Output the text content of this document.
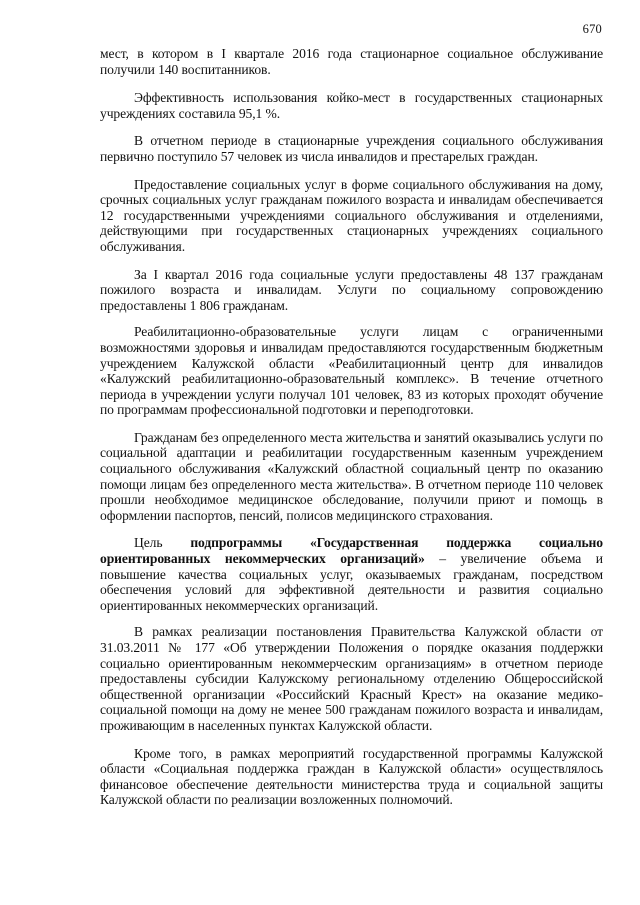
670

мест, в котором в I квартале 2016 года стационарное социальное обслуживание получили 140 воспитанников.

Эффективность использования койко-мест в государственных стационарных учреждениях составила 95,1 %.

В отчетном периоде в стационарные учреждения социального обслуживания первично поступило 57 человек из числа инвалидов и престарелых граждан.

Предоставление социальных услуг в форме социального обслуживания на дому, срочных социальных услуг гражданам пожилого возраста и инвалидам обеспечивается 12 государственными учреждениями социального обслуживания и отделениями, действующими при государственных стационарных учреждениях социального обслуживания.

За I квартал 2016 года социальные услуги предоставлены 48 137 гражданам пожилого возраста и инвалидам. Услуги по социальному сопровождению предоставлены 1 806 гражданам.

Реабилитационно-образовательные услуги лицам с ограниченными возможностями здоровья и инвалидам предоставляются государственным бюджетным учреждением Калужской области «Реабилитационный центр для инвалидов «Калужский реабилитационно-образовательный комплекс». В течение отчетного периода в учреждении услуги получал 101 человек, 83 из которых проходят обучение по программам профессиональной подготовки и переподготовки.

Гражданам без определенного места жительства и занятий оказывались услуги по социальной адаптации и реабилитации государственным казенным учреждением социального обслуживания «Калужский областной социальный центр по оказанию помощи лицам без определенного места жительства». В отчетном периоде 110 человек прошли необходимое медицинское обследование, получили приют и помощь в оформлении паспортов, пенсий, полисов медицинского страхования.

Цель подпрограммы «Государственная поддержка социально ориентированных некоммерческих организаций» – увеличение объема и повышение качества социальных услуг, оказываемых гражданам, посредством обеспечения условий для эффективной деятельности и развития социально ориентированных некоммерческих организаций.

В рамках реализации постановления Правительства Калужской области от 31.03.2011 № 177 «Об утверждении Положения о порядке оказания поддержки социально ориентированным некоммерческим организациям» в отчетном периоде предоставлены субсидии Калужскому региональному отделению Общероссийской общественной организации «Российский Красный Крест» на оказание медико-социальной помощи на дому не менее 500 гражданам пожилого возраста и инвалидам, проживающим в населенных пунктах Калужской области.

Кроме того, в рамках мероприятий государственной программы Калужской области «Социальная поддержка граждан в Калужской области» осуществлялось финансовое обеспечение деятельности министерства труда и социальной защиты Калужской области по реализации возложенных полномочий.
